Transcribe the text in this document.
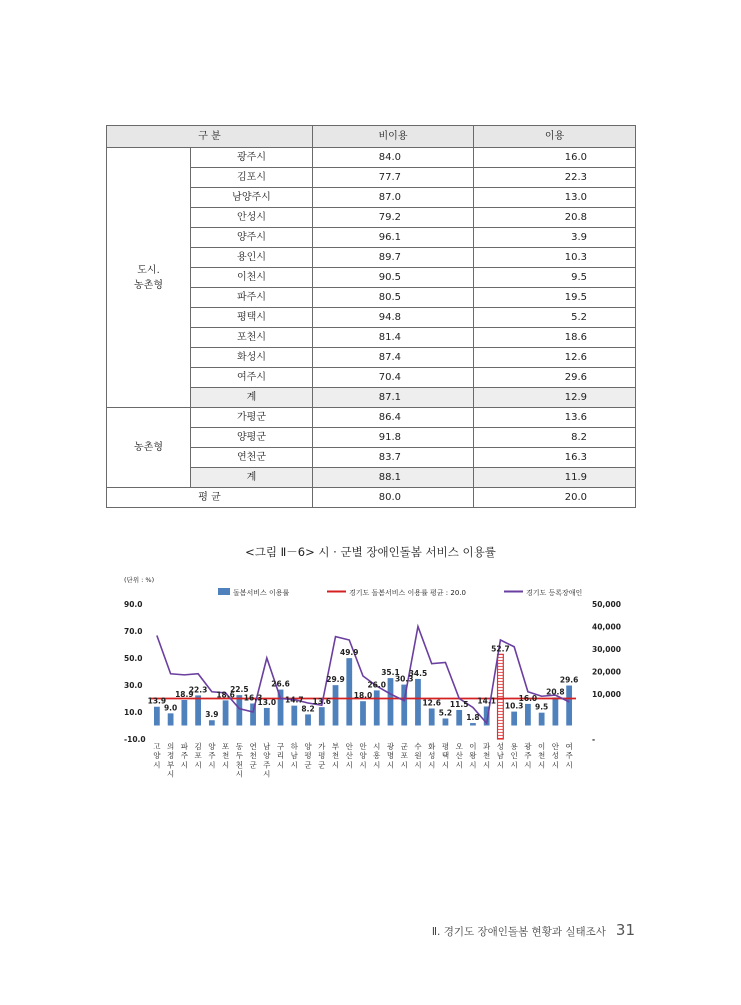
구 분		비이용	이용
도시.
농촌형	광주시	84.0	16.0
	김포시	77.7	22.3
	남양주시	87.0	13.0
	안성시	79.2	20.8
	양주시	96.1	3.9
	용인시	89.7	10.3
	이천시	90.5	9.5
	파주시	80.5	19.5
	평택시	94.8	5.2
	포천시	81.4	18.6
	화성시	87.4	12.6
	여주시	70.4	29.6
	계	87.1	12.9
농촌형	가평군	86.4	13.6
	양평군	91.8	8.2
	연천군	83.7	16.3
	계	88.1	11.9
평 균		80.0	20.0
<그림 Ⅱ－6> 시 · 군별 장애인돌봄 서비스 이용률
(단위 : %)
돌봄서비스 이용률	경기도 돌봄서비스 이용률 평균 : 20.0	경기도 등록장애인
90.0
70.0
50.0
30.0
10.0
-10.0
50,000
40,000
30,000
20,000
10,000
-
13.9
9.0
18.9
22.3
3.9
18.6
22.5
16.3
13.0
26.6
14.7
8.2
13.6
29.9
49.9
18.0
26.0
35.1
30.3
34.5
12.6
5.2
11.5
1.8
14.1
52.7
10.3
16.0
9.5
20.8
29.6
고 양 시
의 정 부 시
파 주 시
김 포 시
양 주 시
포 천 시
동 두 천 시
연 천 군
남 양 주 시
구 리 시
하 남 시
양 평 군
가 평 군
부 천 시
안 산 시
안 양 시
시 흥 시
광 명 시
군 포 시
수 원 시
화 성 시
평 택 시
오 산 시
이 왕 시
과 천 시
성 남 시
용 인 시
광 주 시
이 천 시
안 성 시
여 주 시
Ⅱ. 경기도 장애인돌봄 현황과 실태조사 31
